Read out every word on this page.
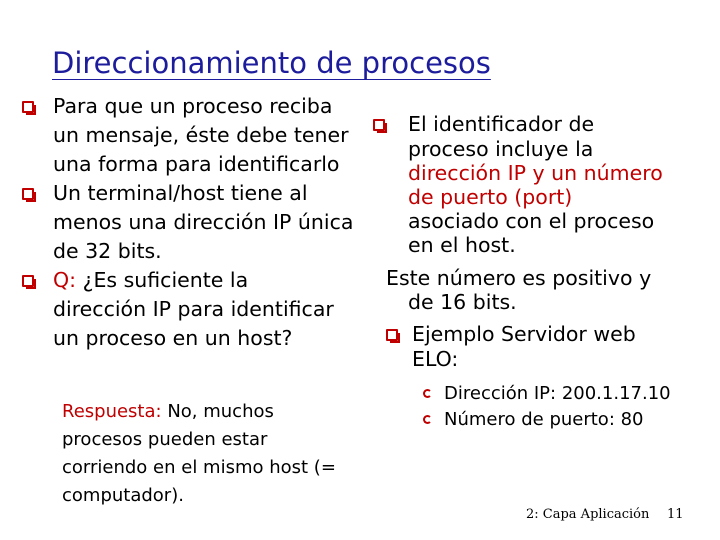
Direccionamiento de procesos
Para que un proceso reciba
un mensaje, éste debe tener
una forma para identificarlo
Un terminal/host tiene al
menos una dirección IP única
de 32 bits.
Q: ¿Es suficiente la
dirección IP para identificar
un proceso en un host?
Respuesta: No, muchos
procesos pueden estar
corriendo en el mismo host (=
computador).
El identificador de
proceso incluye la
dirección IP y un número
de puerto (port)
asociado con el proceso
en el host.
Este número es positivo y
de 16 bits.
Ejemplo Servidor web
ELO:
Dirección IP: 200.1.17.10
Número de puerto: 80
2: Capa Aplicación 11
